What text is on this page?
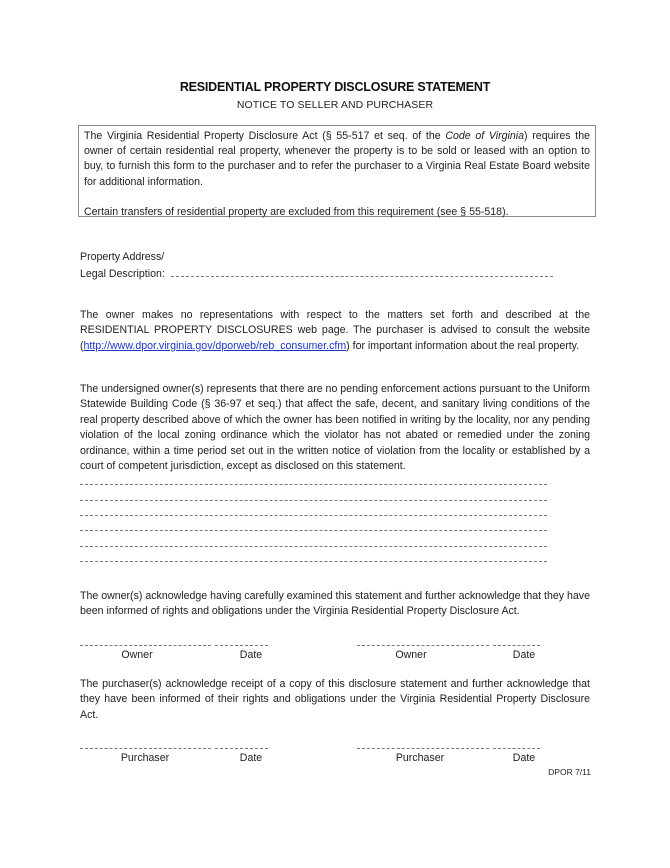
RESIDENTIAL PROPERTY DISCLOSURE STATEMENT
NOTICE TO SELLER AND PURCHASER

The Virginia Residential Property Disclosure Act (§ 55-517 et seq. of the Code of Virginia) requires the owner of certain residential real property, whenever the property is to be sold or leased with an option to buy, to furnish this form to the purchaser and to refer the purchaser to a Virginia Real Estate Board website for additional information.

Certain transfers of residential property are excluded from this requirement (see § 55-518).

Property Address/
Legal Description:

The owner makes no representations with respect to the matters set forth and described at the RESIDENTIAL PROPERTY DISCLOSURES web page. The purchaser is advised to consult the website (http://www.dpor.virginia.gov/dporweb/reb_consumer.cfm) for important information about the real property.

The undersigned owner(s) represents that there are no pending enforcement actions pursuant to the Uniform Statewide Building Code (§ 36-97 et seq.) that affect the safe, decent, and sanitary living conditions of the real property described above of which the owner has been notified in writing by the locality, nor any pending violation of the local zoning ordinance which the violator has not abated or remedied under the zoning ordinance, within a time period set out in the written notice of violation from the locality or established by a court of competent jurisdiction, except as disclosed on this statement.

The owner(s) acknowledge having carefully examined this statement and further acknowledge that they have been informed of rights and obligations under the Virginia Residential Property Disclosure Act.

Owner	Date	Owner	Date

The purchaser(s) acknowledge receipt of a copy of this disclosure statement and further acknowledge that they have been informed of their rights and obligations under the Virginia Residential Property Disclosure Act.

Purchaser	Date	Purchaser	Date
DPOR 7/11
